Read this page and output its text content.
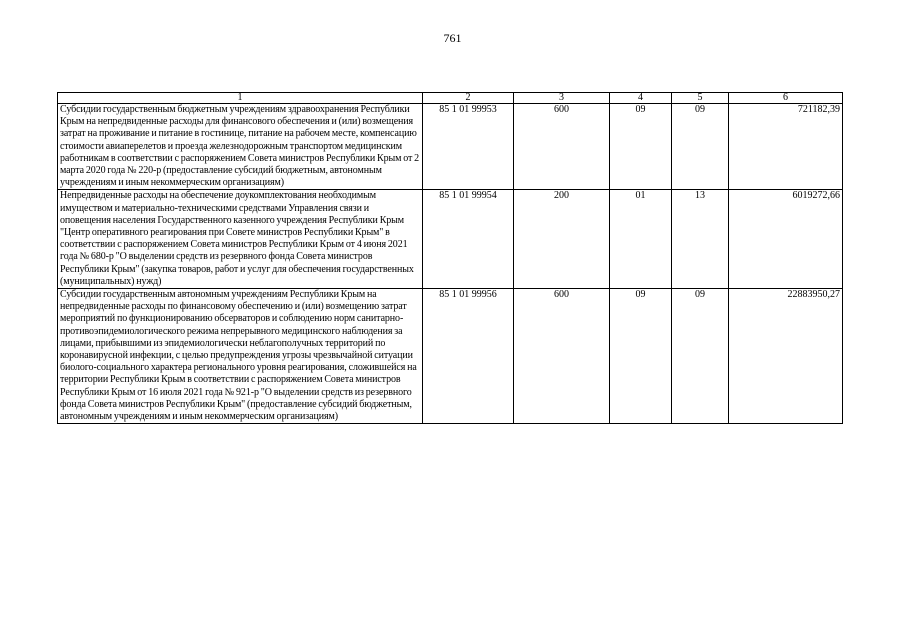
761
1	2	3	4	5	6
Субсидии государственным бюджетным учреждениям здравоохранения Республики Крым на непредвиденные расходы для финансового обеспечения и (или) возмещения затрат на проживание и питание в гостинице, питание на рабочем месте, компенсацию стоимости авиаперелетов и проезда железнодорожным транспортом медицинским работникам в соответствии с распоряжением Совета министров Республики Крым от 2 марта 2020 года № 220-р (предоставление субсидий бюджетным, автономным учреждениям и иным некоммерческим организациям)	85 1 01 99953	600	09	09	721182,39
Непредвиденные расходы на обеспечение доукомплектования необходимым имуществом и материально-техническими средствами Управления связи и оповещения населения Государственного казенного учреждения Республики Крым "Центр оперативного реагирования при Совете министров Республики Крым" в соответствии с распоряжением Совета министров Республики Крым от 4 июня 2021 года № 680-р "О выделении средств из резервного фонда Совета министров Республики Крым" (закупка товаров, работ и услуг для обеспечения государственных (муниципальных) нужд)	85 1 01 99954	200	01	13	6019272,66
Субсидии государственным автономным учреждениям Республики Крым на непредвиденные расходы по финансовому обеспечению и (или) возмещению затрат мероприятий по функционированию обсерваторов и соблюдению норм санитарно-противоэпидемиологического режима непрерывного медицинского наблюдения за лицами, прибывшими из эпидемиологически неблагополучных территорий по коронавирусной инфекции, с целью предупреждения угрозы чрезвычайной ситуации биолого-социального характера регионального уровня реагирования, сложившейся на территории Республики Крым в соответствии с распоряжением Совета министров Республики Крым от 16 июля 2021 года № 921-р "О выделении средств из резервного фонда Совета министров Республики Крым" (предоставление субсидий бюджетным, автономным учреждениям и иным некоммерческим организациям)	85 1 01 99956	600	09	09	22883950,27
